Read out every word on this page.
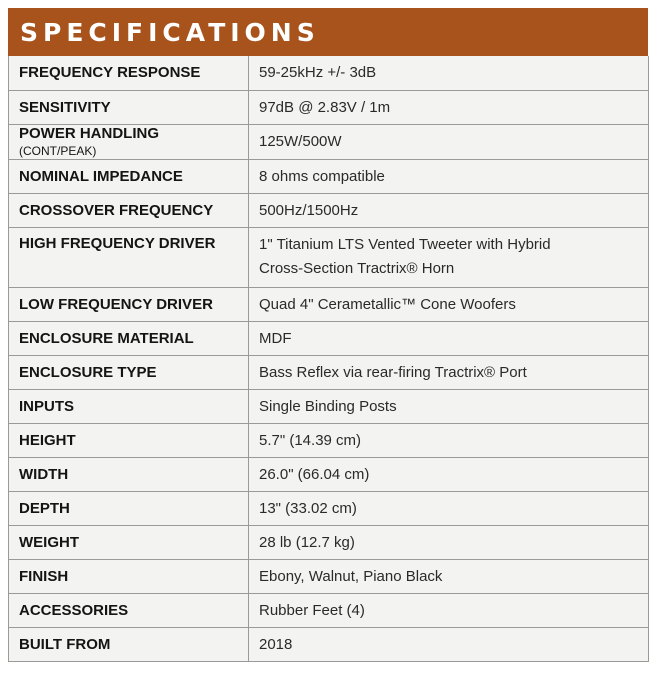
SPECIFICATIONS
FREQUENCY RESPONSE	59-25kHz +/- 3dB
SENSITIVITY	97dB @ 2.83V / 1m
POWER HANDLING (CONT/PEAK)	125W/500W
NOMINAL IMPEDANCE	8 ohms compatible
CROSSOVER FREQUENCY	500Hz/1500Hz
HIGH FREQUENCY DRIVER	1" Titanium LTS Vented Tweeter with Hybrid
Cross-Section Tractrix® Horn

LOW FREQUENCY DRIVER	Quad 4" Cerametallic™ Cone Woofers
ENCLOSURE MATERIAL	MDF
ENCLOSURE TYPE	Bass Reflex via rear-firing Tractrix® Port
INPUTS	Single Binding Posts
HEIGHT	5.7" (14.39 cm)
WIDTH	26.0" (66.04 cm)
DEPTH	13" (33.02 cm)
WEIGHT	28 lb (12.7 kg)
FINISH	Ebony, Walnut, Piano Black
ACCESSORIES	Rubber Feet (4)
BUILT FROM	2018
